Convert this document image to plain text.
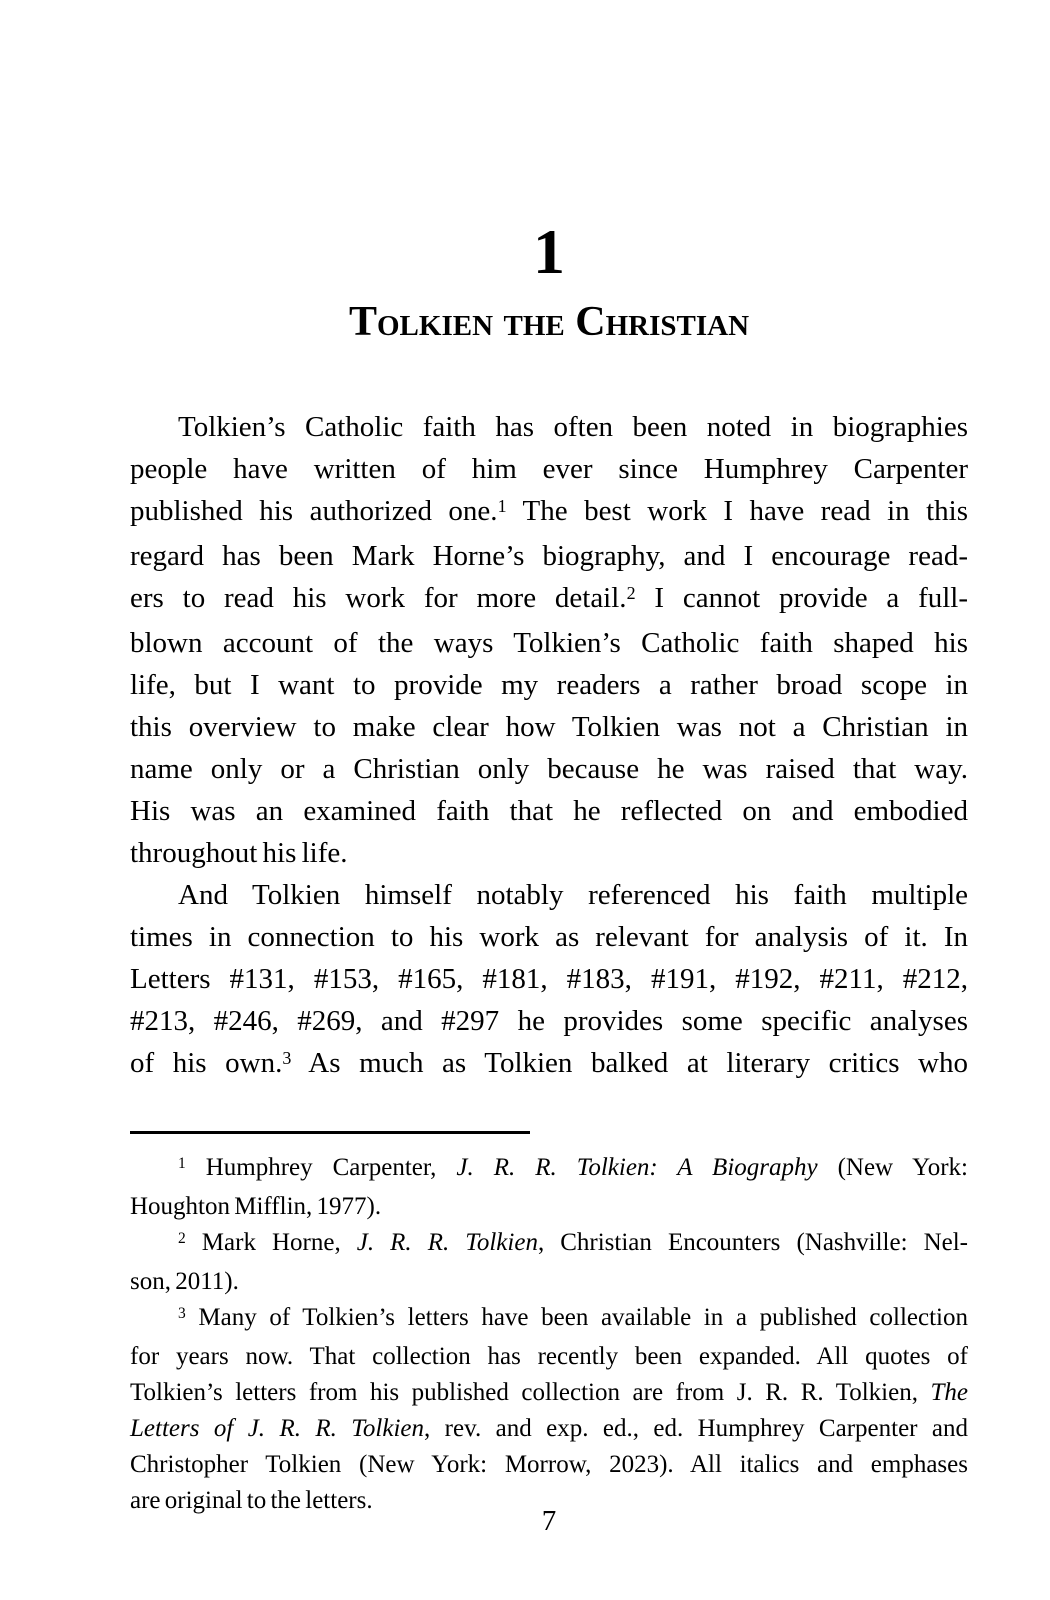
1
Tolkien the Christian
Tolkien’s Catholic faith has often been noted in biographies
people have written of him ever since Humphrey Carpenter
published his authorized one.$^1$ The best work I have read in this
regard has been Mark Horne’s biography, and I encourage read-
ers to read his work for more detail.$^2$ I cannot provide a full-
blown account of the ways Tolkien’s Catholic faith shaped his
life, but I want to provide my readers a rather broad scope in
this overview to make clear how Tolkien was not a Christian in
name only or a Christian only because he was raised that way.
His was an examined faith that he reflected on and embodied
throughout his life.
And Tolkien himself notably referenced his faith multiple
times in connection to his work as relevant for analysis of it. In
Letters #131, #153, #165, #181, #183, #191, #192, #211, #212,
#213, #246, #269, and #297 he provides some specific analyses
of his own.$^3$ As much as Tolkien balked at literary critics who
$^1$ Humphrey Carpenter, J. R. R. Tolkien: A Biography (New York:
Houghton Mifflin, 1977).
$^2$ Mark Horne, J. R. R. Tolkien, Christian Encounters (Nashville: Nel-
son, 2011).
$^3$ Many of Tolkien’s letters have been available in a published collection
for years now. That collection has recently been expanded. All quotes of
Tolkien’s letters from his published collection are from J. R. R. Tolkien, The
Letters of J. R. R. Tolkien, rev. and exp. ed., ed. Humphrey Carpenter and
Christopher Tolkien (New York: Morrow, 2023). All italics and emphases
are original to the letters.
7
